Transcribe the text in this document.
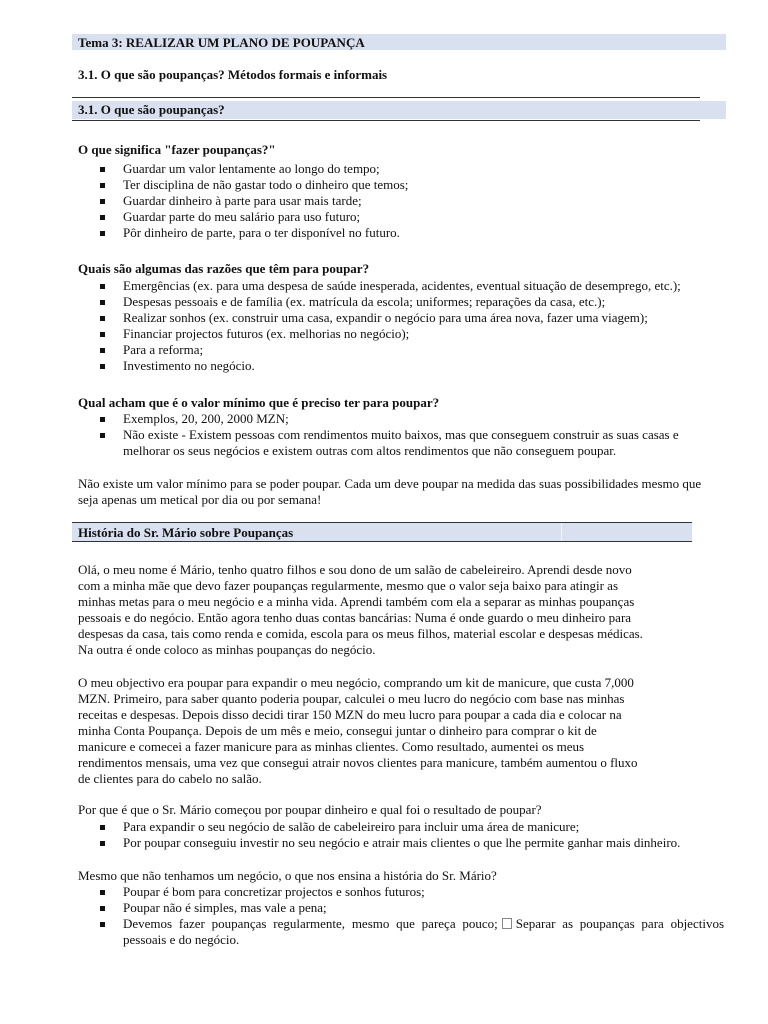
Tema 3: REALIZAR UM PLANO DE POUPANÇA
3.1. O que são poupanças? Métodos formais e informais
3.1. O que são poupanças?
O que significa "fazer poupanças?"
Guardar um valor lentamente ao longo do tempo;
Ter disciplina de não gastar todo o dinheiro que temos;
Guardar dinheiro à parte para usar mais tarde;
Guardar parte do meu salário para uso futuro;
Pôr dinheiro de parte, para o ter disponível no futuro.
Quais são algumas das razões que têm para poupar?
Emergências (ex. para uma despesa de saúde inesperada, acidentes, eventual situação de desemprego, etc.);
Despesas pessoais e de família (ex. matrícula da escola; uniformes; reparações da casa, etc.);
Realizar sonhos (ex. construir uma casa, expandir o negócio para uma área nova, fazer uma viagem);
Financiar projectos futuros (ex. melhorias no negócio);
Para a reforma;
Investimento no negócio.
Qual acham que é o valor mínimo que é preciso ter para poupar?
Exemplos, 20, 200, 2000 MZN;
Não existe - Existem pessoas com rendimentos muito baixos, mas que conseguem construir as suas casas e melhorar os seus negócios e existem outras com altos rendimentos que não conseguem poupar.
Não existe um valor mínimo para se poder poupar. Cada um deve poupar na medida das suas possibilidades mesmo que seja apenas um metical por dia ou por semana!
História do Sr. Mário sobre Poupanças
Olá, o meu nome é Mário, tenho quatro filhos e sou dono de um salão de cabeleireiro. Aprendi desde novo com a minha mãe que devo fazer poupanças regularmente, mesmo que o valor seja baixo para atingir as minhas metas para o meu negócio e a minha vida. Aprendi também com ela a separar as minhas poupanças pessoais e do negócio. Então agora tenho duas contas bancárias: Numa é onde guardo o meu dinheiro para despesas da casa, tais como renda e comida, escola para os meus filhos, material escolar e despesas médicas. Na outra é onde coloco as minhas poupanças do negócio.
O meu objectivo era poupar para expandir o meu negócio, comprando um kit de manicure, que custa 7,000 MZN. Primeiro, para saber quanto poderia poupar, calculei o meu lucro do negócio com base nas minhas receitas e despesas. Depois disso decidi tirar 150 MZN do meu lucro para poupar a cada dia e colocar na minha Conta Poupança. Depois de um mês e meio, consegui juntar o dinheiro para comprar o kit de manicure e comecei a fazer manicure para as minhas clientes. Como resultado, aumentei os meus rendimentos mensais, uma vez que consegui atrair novos clientes para manicure, também aumentou o fluxo de clientes para do cabelo no salão.
Por que é que o Sr. Mário começou por poupar dinheiro e qual foi o resultado de poupar?
Para expandir o seu negócio de salão de cabeleireiro para incluir uma área de manicure;
Por poupar conseguiu investir no seu negócio e atrair mais clientes o que lhe permite ganhar mais dinheiro.
Mesmo que não tenhamos um negócio, o que nos ensina a história do Sr. Mário?
Poupar é bom para concretizar projectos e sonhos futuros;
Poupar não é simples, mas vale a pena;
Devemos fazer poupanças regularmente, mesmo que pareça pouco; Separar as poupanças para objectivos pessoais e do negócio.
